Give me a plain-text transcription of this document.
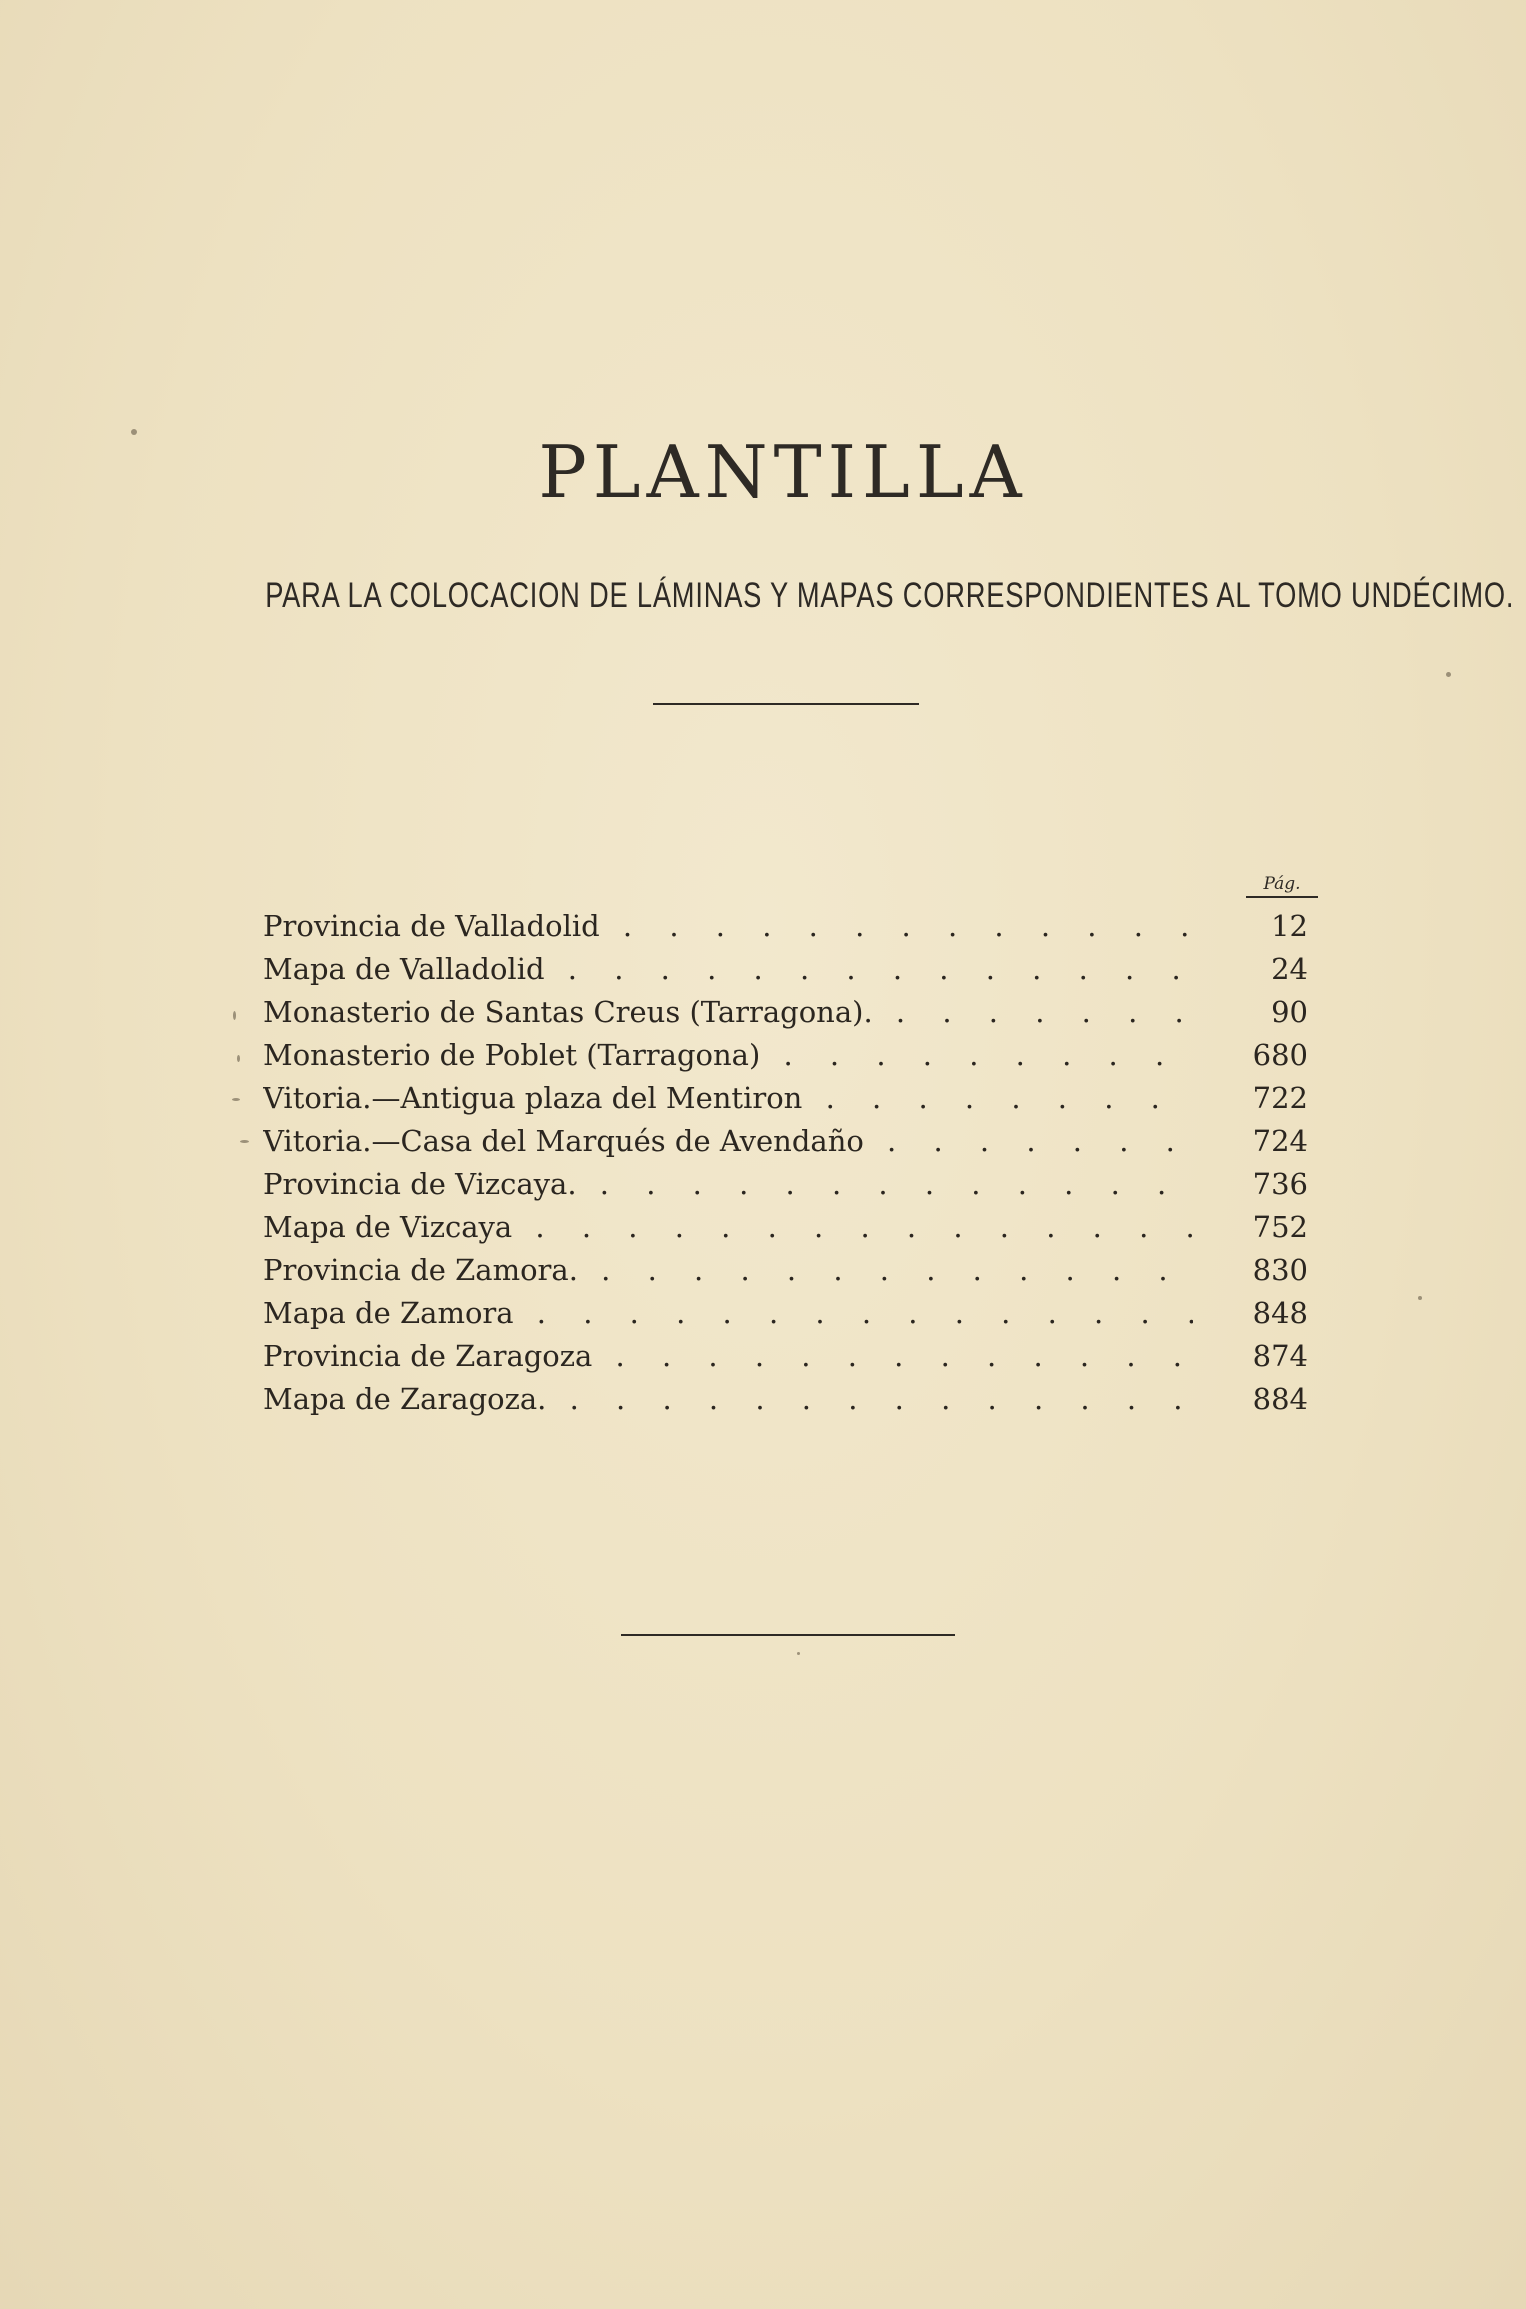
PLANTILLA
PARA LA COLOCACION DE LÁMINAS Y MAPAS CORRESPONDIENTES AL TOMO UNDÉCIMO.
Pág.
Provincia de Valladolid . . .	12
Mapa de Valladolid . . .	24
Monasterio de Santas Creus (Tarragona). . . .	90
Monasterio de Poblet (Tarragona) . . .	680
Vitoria.—Antigua plaza del Mentiron . . .	722
Vitoria.—Casa del Marqués de Avendaño . . .	724
Provincia de Vizcaya. . . .	736
Mapa de Vizcaya . . .	752
Provincia de Zamora. . . .	830
Mapa de Zamora . . .	848
Provincia de Zaragoza . . .	874
Mapa de Zaragoza. . . .	884
